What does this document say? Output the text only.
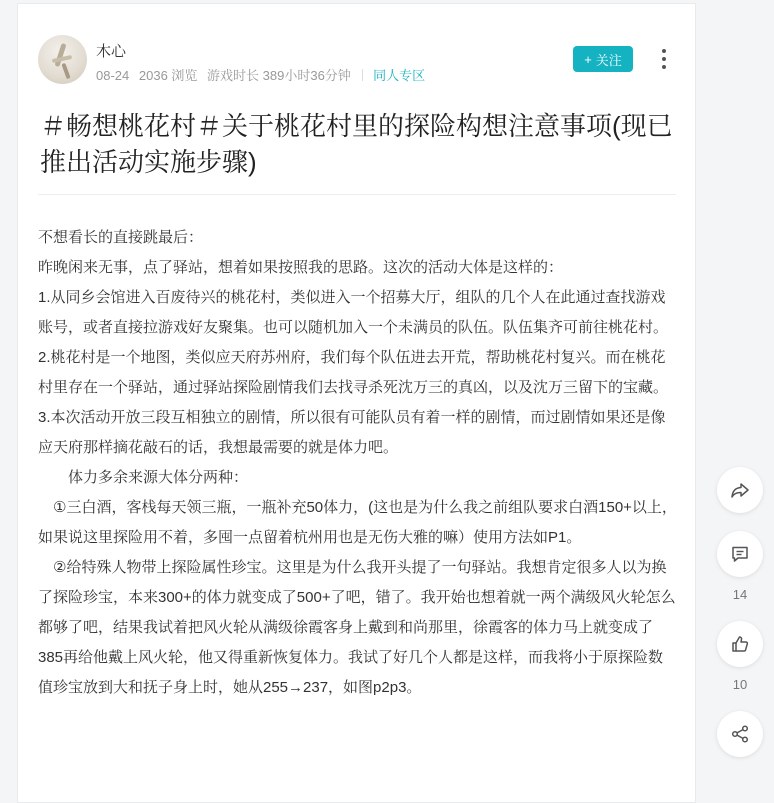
木心
08-24 2036 浏览 游戏时长 389小时36分钟 同人专区
+ 关注
＃畅想桃花村＃关于桃花村里的探险构想注意事项(现已推出活动实施步骤)

不想看长的直接跳最后：

昨晚闲来无事，点了驿站，想着如果按照我的思路。这次的活动大体是这样的：

1.从同乡会馆进入百废待兴的桃花村，类似进入一个招募大厅，组队的几个人在此通过查找游戏账号，或者直接拉游戏好友聚集。也可以随机加入一个未满员的队伍。队伍集齐可前往桃花村。

2.桃花村是一个地图，类似应天府苏州府，我们每个队伍进去开荒，帮助桃花村复兴。而在桃花村里存在一个驿站，通过驿站探险剧情我们去找寻杀死沈万三的真凶，以及沈万三留下的宝藏。

3.本次活动开放三段互相独立的剧情，所以很有可能队员有着一样的剧情，而过剧情如果还是像应天府那样摘花敲石的话，我想最需要的就是体力吧。

　　体力多余来源大体分两种：

　①三白酒，客栈每天领三瓶，一瓶补充50体力，(这也是为什么我之前组队要求白酒150+以上，如果说这里探险用不着，多囤一点留着杭州用也是无伤大雅的嘛）使用方法如P1。

　②给特殊人物带上探险属性珍宝。这里是为什么我开头提了一句驿站。我想肯定很多人以为换了探险珍宝，本来300+的体力就变成了500+了吧，错了。我开始也想着就一两个满级风火轮怎么都够了吧，结果我试着把风火轮从满级徐霞客身上戴到和尚那里，徐霞客的体力马上就变成了385再给他戴上风火轮，他又得重新恢复体力。我试了好几个人都是这样，而我将小于原探险数值珍宝放到大和抚子身上时，她从255→237，如图p2p3。

14
10
